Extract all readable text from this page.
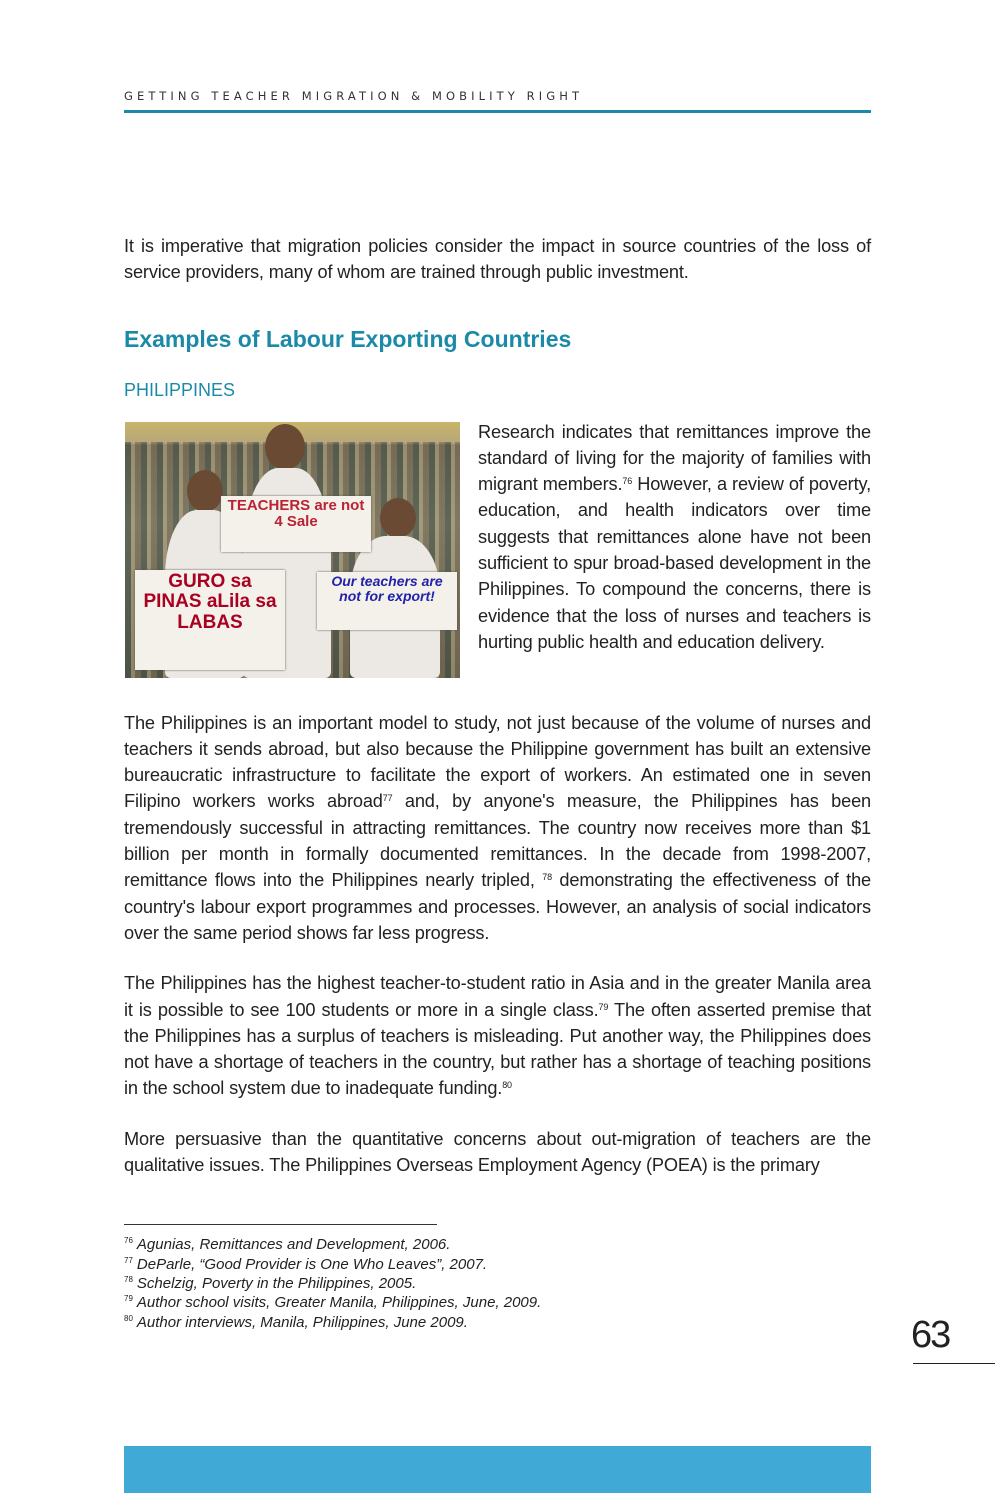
GETTING TEACHER MIGRATION & MOBILITY RIGHT

It is imperative that migration policies consider the impact in source countries of the loss of service providers, many of whom are trained through public investment.

Examples of Labour Exporting Countries
PHILIPPINES
TEACHERS are not 4 Sale
GURO sa PINAS aLila sa LABAS
Our teachers are not for export!
Research indicates that remittances improve the standard of living for the majority of families with migrant members.$^{76}$ However, a review of poverty, education, and health indicators over time suggests that remittances alone have not been sufficient to spur broad-based development in the Philippines. To compound the concerns, there is evidence that the loss of nurses and teachers is hurting public health and education delivery.

The Philippines is an important model to study, not just because of the volume of nurses and teachers it sends abroad, but also because the Philippine government has built an extensive bureaucratic infrastructure to facilitate the export of workers. An estimated one in seven Filipino workers works abroad$^{77}$ and, by anyone's measure, the Philippines has been tremendously successful in attracting remittances. The country now receives more than $1 billion per month in formally documented remittances. In the decade from 1998-2007, remittance flows into the Philippines nearly tripled, $^{78}$ demonstrating the effectiveness of the country's labour export programmes and processes. However, an analysis of social indicators over the same period shows far less progress.

The Philippines has the highest teacher-to-student ratio in Asia and in the greater Manila area it is possible to see 100 students or more in a single class.$^{79}$ The often asserted premise that the Philippines has a surplus of teachers is misleading. Put another way, the Philippines does not have a shortage of teachers in the country, but rather has a shortage of teaching positions in the school system due to inadequate funding.$^{80}$

More persuasive than the quantitative concerns about out-migration of teachers are the qualitative issues. The Philippines Overseas Employment Agency (POEA) is the primary

$^{76}$ Agunias, Remittances and Development, 2006.
$^{77}$ DeParle, “Good Provider is One Who Leaves”, 2007.
$^{78}$ Schelzig, Poverty in the Philippines, 2005.
$^{79}$ Author school visits, Greater Manila, Philippines, June, 2009.
$^{80}$ Author interviews, Manila, Philippines, June 2009.	63
